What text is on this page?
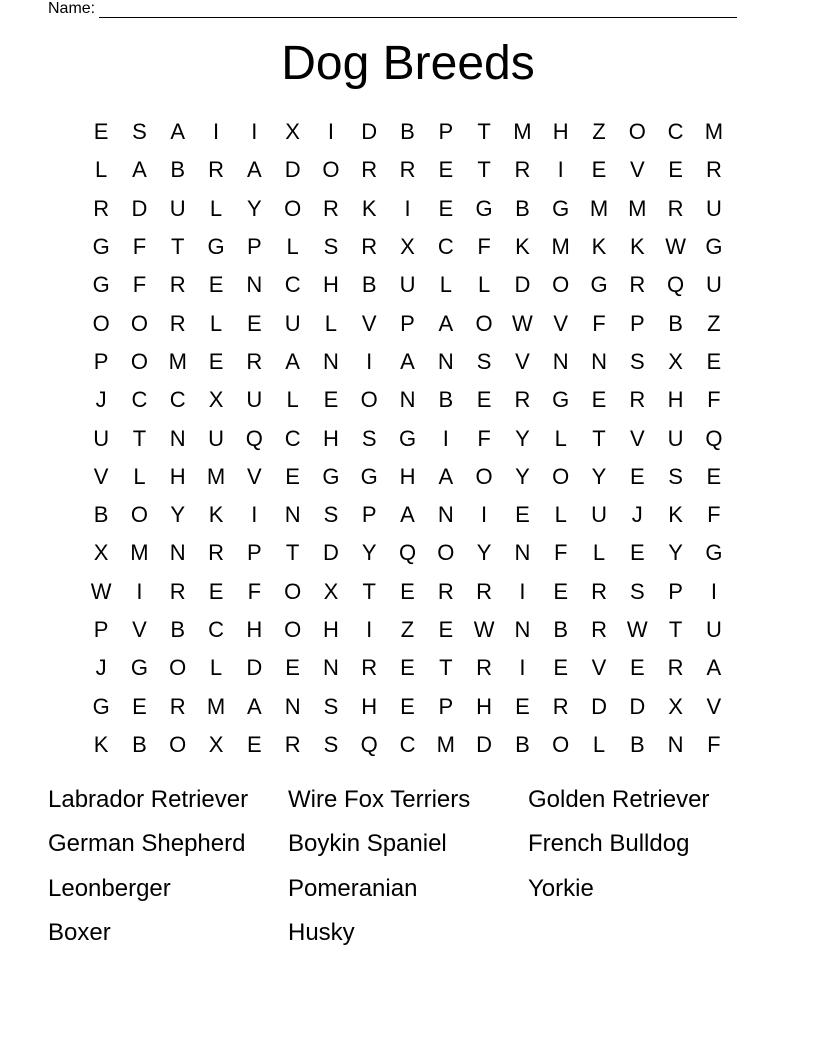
Name:
Dog Breeds
E	S	A	I	I	X	I	D	B	P	T	M H	Z	O C M
L	A	B	R	A	D O R	R	E	T	R	I	E	V	E	R
R	D	U	L	Y	O R	K	I	E	G	B	G M M R	U
G	F	T	G	P	L	S	R	X	C	F	K M K	K W G
G	F	R	E	N	C	H	B	U	L	L	D O G R Q U
O O R	L	E	U	L	V	P	A	O W V	F	P	B	Z
P	O M E	R	A	N	I	A	N	S	V	N	N	S	X	E
J	C	C	X	U	L	E	O N	B	E	R G	E	R	H	F
U	T	N	U Q C	H	S	G	I	F	Y	L	T	V	U Q
V	L	H M V	E	G G H	A	O	Y	O	Y	E	S	E
B	O	Y	K	I	N	S	P	A	N	I	E	L	U	J	K	F
X M N	R	P	T	D	Y	Q O	Y	N	F	L	E	Y	G
W	I	R	E	F	O	X	T	E	R	R	I	E	R	S	P	I
P	V	B	C	H O H	I	Z	E W N	B	R W T	U
J	G O	L	D	E	N	R	E	T	R	I	E	V	E	R	A
G	E	R M A	N	S	H	E	P	H	E	R	D	D	X	V
K	B	O	X	E	R	S	Q C M D	B	O	L	B	N	F
Labrador Retriever	Wire Fox Terriers	Golden Retriever
German Shepherd	Boykin Spaniel	French Bulldog
Leonberger	Pomeranian	Yorkie
Boxer	Husky
